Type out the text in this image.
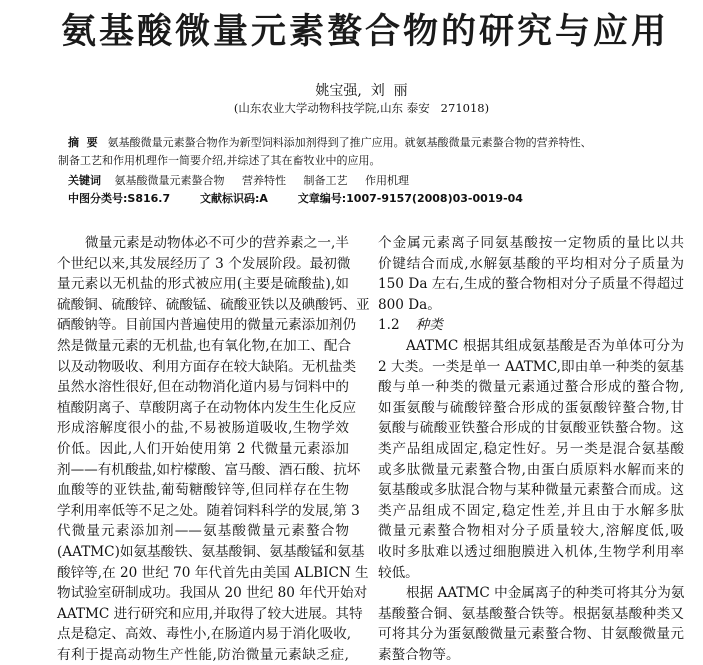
氨基酸微量元素螯合物的研究与应用
姚宝强,  刘  丽
(山东农业大学动物科技学院,山东 泰安   271018)
摘  要 氨基酸微量元素螯合物作为新型饲料添加剂得到了推广应用。就氨基酸微量元素螯合物的营养特性、
制备工艺和作用机理作一简要介绍,并综述了其在畜牧业中的应用。
关键词 氨基酸微量元素螯合物 营养特性 制备工艺 作用机理
中图分类号:S816.7	文献标识码:A	文章编号:1007-9157(2008)03-0019-04
微量元素是动物体必不可少的营养素之一,半
个世纪以来,其发展经历了 3 个发展阶段。最初微
量元素以无机盐的形式被应用(主要是硫酸盐),如
硫酸铜、硫酸锌、硫酸锰、硫酸亚铁以及碘酸钙、亚
硒酸钠等。目前国内普遍使用的微量元素添加剂仍
然是微量元素的无机盐,也有氧化物,在加工、配合
以及动物吸收、利用方面存在较大缺陷。无机盐类
虽然水溶性很好,但在动物消化道内易与饲料中的
植酸阴离子、草酸阴离子在动物体内发生生化反应
形成溶解度很小的盐,不易被肠道吸收,生物学效
价低。因此,人们开始使用第 2 代微量元素添加
剂——有机酸盐,如柠檬酸、富马酸、酒石酸、抗坏
血酸等的亚铁盐,葡萄糖酸锌等,但同样存在生物
学利用率低等不足之处。随着饲料科学的发展,第 3
代微量元素添加剂——氨基酸微量元素螯合物
(AATMC)如氨基酸铁、氨基酸铜、氨基酸锰和氨基
酸锌等,在 20 世纪 70 年代首先由美国 ALBICN 生
物试验室研制成功。我国从 20 世纪 80 年代开始对
AATMC 进行研究和应用,并取得了较大进展。其特
点是稳定、高效、毒性小,在肠道内易于消化吸收,
有利于提高动物生产性能,防治微量元素缺乏症,
个金属元素离子同氨基酸按一定物质的量比以共
价键结合而成,水解氨基酸的平均相对分子质量为
150 Da 左右,生成的螯合物相对分子质量不得超过
800 Da。
1.2 种类
AATMC 根据其组成氨基酸是否为单体可分为
2 大类。一类是单一 AATMC,即由单一种类的氨基
酸与单一种类的微量元素通过螯合形成的螯合物,
如蛋氨酸与硫酸锌螯合形成的蛋氨酸锌螯合物,甘
氨酸与硫酸亚铁螯合形成的甘氨酸亚铁螯合物。这
类产品组成固定,稳定性好。另一类是混合氨基酸
或多肽微量元素螯合物,由蛋白质原料水解而来的
氨基酸或多肽混合物与某种微量元素螯合而成。这
类产品组成不固定,稳定性差,并且由于水解多肽
微量元素螯合物相对分子质量较大,溶解度低,吸
收时多肽难以透过细胞膜进入机体,生物学利用率
较低。
根据 AATMC 中金属离子的种类可将其分为氨
基酸螯合铜、氨基酸螯合铁等。根据氨基酸种类又
可将其分为蛋氨酸微量元素螯合物、甘氨酸微量元
素螯合物等。
